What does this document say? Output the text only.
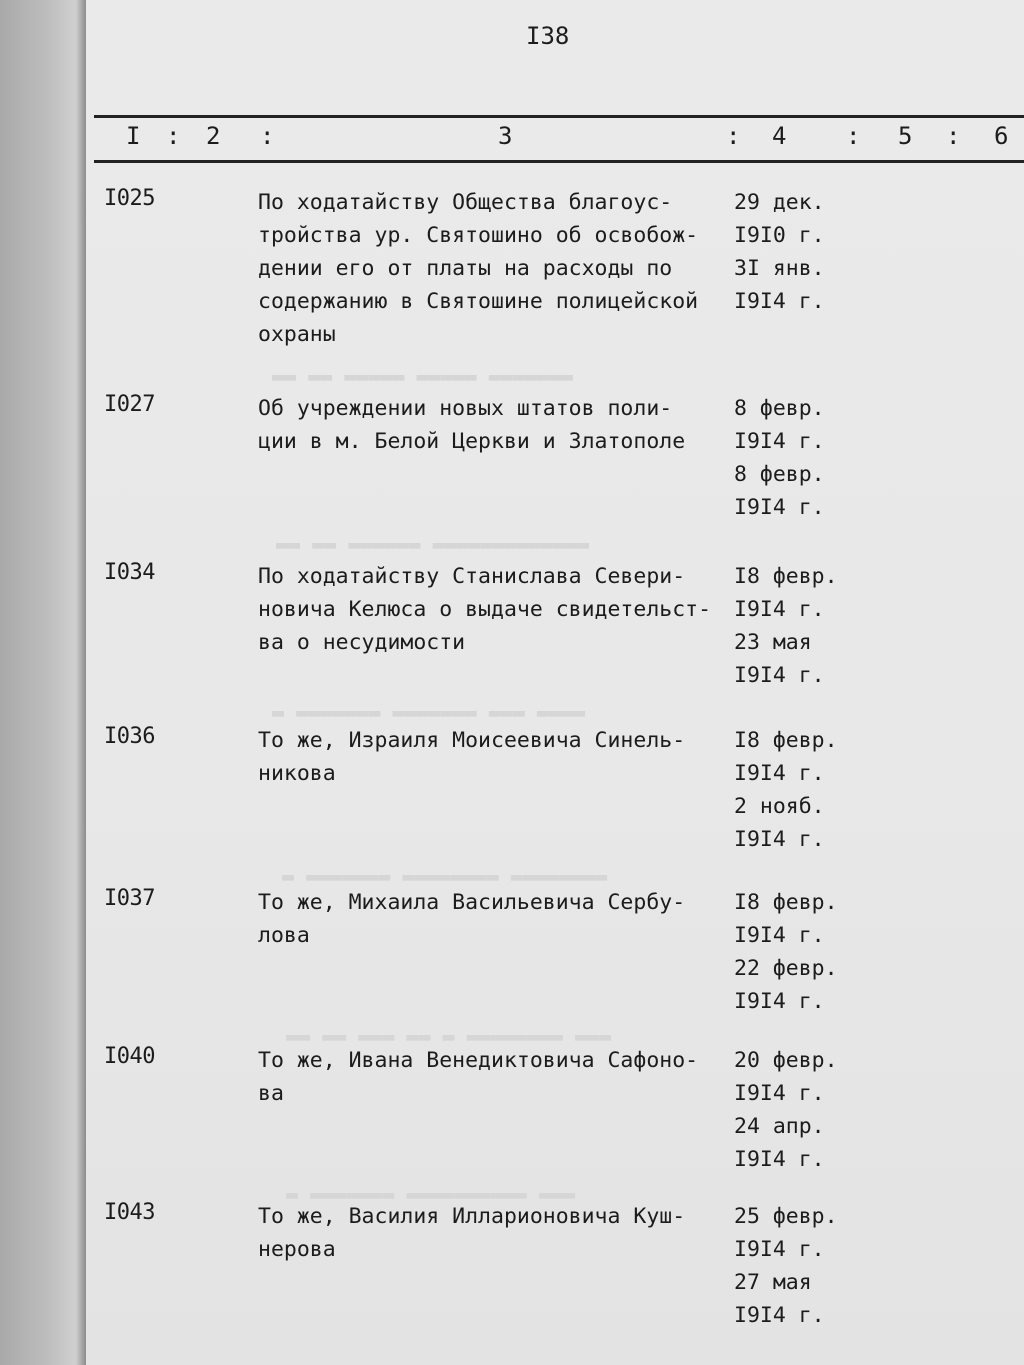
I38
I : 2 :	3	: 4 : 5 : 6
▬▬ ▬▬ ▬▬▬▬▬ ▬▬▬▬▬ ▬▬▬▬▬▬▬
▬▬ ▬▬ ▬▬▬▬▬▬ ▬▬▬▬▬▬▬▬▬▬▬▬▬
▬ ▬▬▬▬▬▬▬ ▬▬▬▬▬▬▬ ▬▬▬ ▬▬▬▬
▬ ▬▬▬▬▬▬▬ ▬▬▬▬▬▬▬▬ ▬▬▬▬▬▬▬▬
▬▬ ▬▬ ▬▬▬ ▬▬ ▬ ▬▬▬▬▬▬▬▬ ▬▬▬
▬ ▬▬▬▬▬▬▬ ▬▬▬▬▬▬▬▬▬▬ ▬▬▬
I025	По ходатайству Общества благоус-
тройства ур. Святошино об освобож-
дении его от платы на расходы по
содержанию в Святошине полицейской
охраны
29 дек.
I9I0 г.
3I янв.
I9I4 г.
I027	Об учреждении новых штатов поли-
ции в м. Белой Церкви и Златополе
8 февр.
I9I4 г.
8 февр.
I9I4 г.
I034	По ходатайству Станислава Севери-
новича Келюса о выдаче свидетельст-
ва о несудимости
I8 февр.
I9I4 г.
23 мая
I9I4 г.
I036	То же, Израиля Моисеевича Синель-
никова
I8 февр.
I9I4 г.
2 нояб.
I9I4 г.
I037	То же, Михаила Васильевича Сербу-
лова
I8 февр.
I9I4 г.
22 февр.
I9I4 г.
I040	То же, Ивана Венедиктовича Сафоно-
ва
20 февр.
I9I4 г.
24 апр.
I9I4 г.
I043	То же, Василия Илларионовича Куш-
нерова
25 февр.
I9I4 г.
27 мая
I9I4 г.
